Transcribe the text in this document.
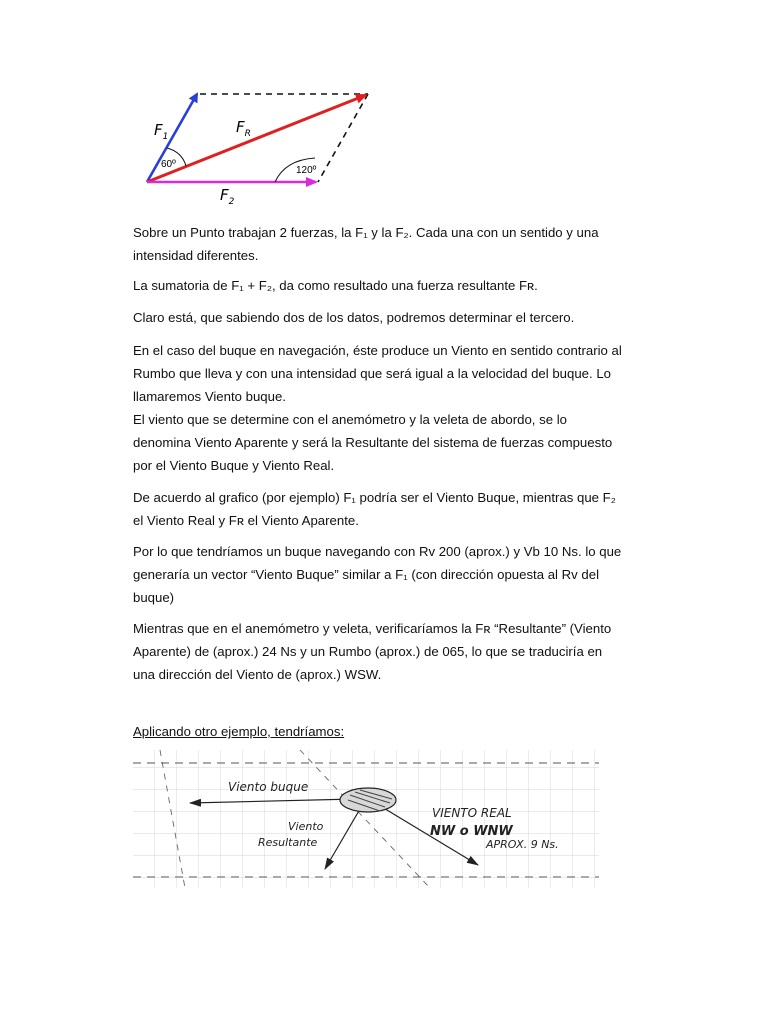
$F_1$
$F_R$
$F_2$
60º
120º

Sobre un Punto trabajan 2 fuerzas, la F₁ y la F₂. Cada una con un sentido y una intensidad diferentes.

La sumatoria de F₁ + F₂, da como resultado una fuerza resultante Fʀ.

Claro está, que sabiendo dos de los datos, podremos determinar el tercero.

En el caso del buque en navegación, éste produce un Viento en sentido contrario al Rumbo que lleva y con una intensidad que será igual a la velocidad del buque. Lo llamaremos Viento buque.

El viento que se determine con el anemómetro y la veleta de abordo, se lo denomina Viento Aparente y será la Resultante del sistema de fuerzas compuesto por el Viento Buque y Viento Real.

De acuerdo al grafico (por ejemplo) F₁ podría ser el Viento Buque, mientras que F₂ el Viento Real y Fʀ el Viento Aparente.

Por lo que tendríamos un buque navegando con Rv 200 (aprox.) y Vb 10 Ns. lo que generaría un vector “Viento Buque” similar a F₁ (con dirección opuesta al Rv del buque)

Mientras que en el anemómetro y veleta, verificaríamos la Fʀ “Resultante” (Viento Aparente) de (aprox.) 24 Ns y un Rumbo (aprox.) de 065, lo que se traduciría en una dirección del Viento de (aprox.) WSW.

Aplicando otro ejemplo, tendríamos:

Viento buque
Viento
Resultante
VIENTO REAL
NW o WNW
APROX. 9 Ns.
